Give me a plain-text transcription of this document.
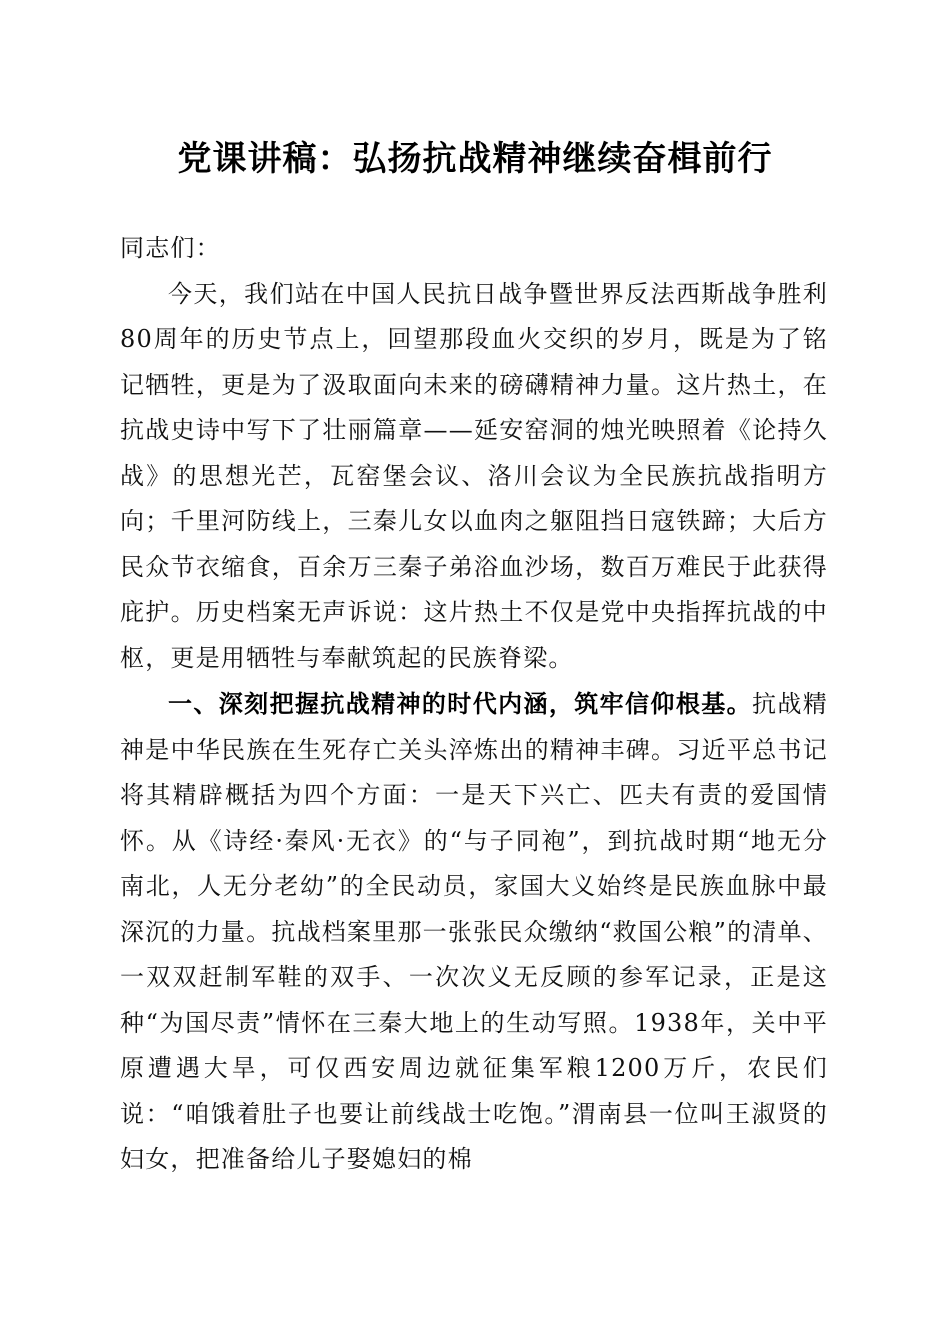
党课讲稿：弘扬抗战精神继续奋楫前行

同志们：

今天，我们站在中国人民抗日战争暨世界反法西斯战争胜利80周年的历史节点上，回望那段血火交织的岁月，既是为了铭记牺牲，更是为了汲取面向未来的磅礴精神力量。这片热土，在抗战史诗中写下了壮丽篇章——延安窑洞的烛光映照着《论持久战》的思想光芒，瓦窑堡会议、洛川会议为全民族抗战指明方向；千里河防线上，三秦儿女以血肉之躯阻挡日寇铁蹄；大后方民众节衣缩食，百余万三秦子弟浴血沙场，数百万难民于此获得庇护。历史档案无声诉说：这片热土不仅是党中央指挥抗战的中枢，更是用牺牲与奉献筑起的民族脊梁。

一、深刻把握抗战精神的时代内涵，筑牢信仰根基。抗战精神是中华民族在生死存亡关头淬炼出的精神丰碑。习近平总书记将其精辟概括为四个方面：一是天下兴亡、匹夫有责的爱国情怀。从《诗经·秦风·无衣》的“与子同袍”，到抗战时期“地无分南北，人无分老幼”的全民动员，家国大义始终是民族血脉中最深沉的力量。抗战档案里那一张张民众缴纳“救国公粮”的清单、一双双赶制军鞋的双手、一次次义无反顾的参军记录，正是这种“为国尽责”情怀在三秦大地上的生动写照。1938年，关中平原遭遇大旱，可仅西安周边就征集军粮1200万斤，农民们说：“咱饿着肚子也要让前线战士吃饱。”渭南县一位叫王淑贤的妇女，把准备给儿子娶媳妇的棉
